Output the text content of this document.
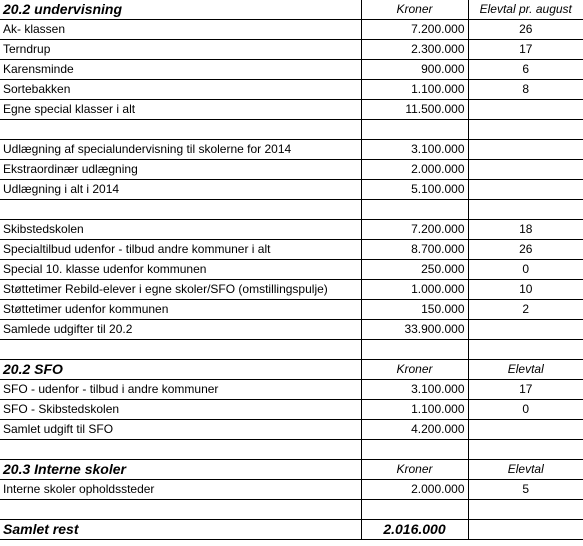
20.2 undervisning	Kroner	Elevtal pr. august
Ak- klassen	7.200.000	26
Terndrup	2.300.000	17
Karensminde	900.000	6
Sortebakken	1.100.000	8
Egne special klasser i alt	11.500.000	

Udlægning af specialundervisning til skolerne for 2014	3.100.000	
Ekstraordinær udlægning	2.000.000	
Udlægning i alt i 2014	5.100.000	

Skibstedskolen	7.200.000	18
Specialtilbud udenfor - tilbud andre kommuner i alt	8.700.000	26
Special 10. klasse udenfor kommunen	250.000	0
Støttetimer Rebild-elever i egne skoler/SFO (omstillingspulje)	1.000.000	10
Støttetimer udenfor kommunen	150.000	2
Samlede udgifter til 20.2	33.900.000	

20.2 SFO	Kroner	Elevtal
SFO - udenfor - tilbud i andre kommuner	3.100.000	17
SFO - Skibstedskolen	1.100.000	0
Samlet udgift til SFO	4.200.000	

20.3 Interne skoler	Kroner	Elevtal
Interne skoler opholdssteder	2.000.000	5

Samlet rest	2.016.000	
